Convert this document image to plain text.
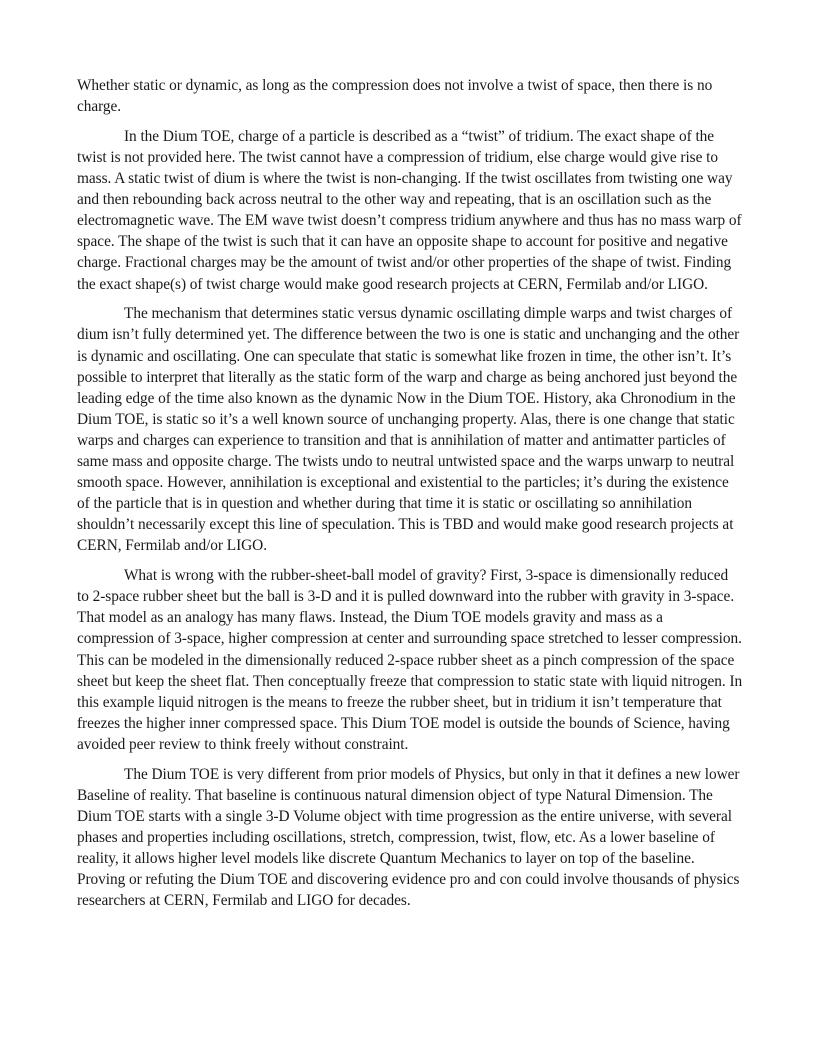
Whether static or dynamic, as long as the compression does not involve a twist of space, then there is no charge.

In the Dium TOE, charge of a particle is described as a “twist” of tridium. The exact shape of the twist is not provided here. The twist cannot have a compression of tridium, else charge would give rise to mass. A static twist of dium is where the twist is non-changing. If the twist oscillates from twisting one way and then rebounding back across neutral to the other way and repeating, that is an oscillation such as the electromagnetic wave. The EM wave twist doesn’t compress tridium anywhere and thus has no mass warp of space. The shape of the twist is such that it can have an opposite shape to account for positive and negative charge. Fractional charges may be the amount of twist and/or other properties of the shape of twist. Finding the exact shape(s) of twist charge would make good research projects at CERN, Fermilab and/or LIGO.

The mechanism that determines static versus dynamic oscillating dimple warps and twist charges of dium isn’t fully determined yet. The difference between the two is one is static and unchanging and the other is dynamic and oscillating. One can speculate that static is somewhat like frozen in time, the other isn’t. It’s possible to interpret that literally as the static form of the warp and charge as being anchored just beyond the leading edge of the time also known as the dynamic Now in the Dium TOE. History, aka Chronodium in the Dium TOE, is static so it’s a well known source of unchanging property. Alas, there is one change that static warps and charges can experience to transition and that is annihilation of matter and antimatter particles of same mass and opposite charge. The twists undo to neutral untwisted space and the warps unwarp to neutral smooth space. However, annihilation is exceptional and existential to the particles; it’s during the existence of the particle that is in question and whether during that time it is static or oscillating so annihilation shouldn’t necessarily except this line of speculation. This is TBD and would make good research projects at CERN, Fermilab and/or LIGO.

What is wrong with the rubber-sheet-ball model of gravity? First, 3-space is dimensionally reduced to 2-space rubber sheet but the ball is 3-D and it is pulled downward into the rubber with gravity in 3-space. That model as an analogy has many flaws. Instead, the Dium TOE models gravity and mass as a compression of 3-space, higher compression at center and surrounding space stretched to lesser compression. This can be modeled in the dimensionally reduced 2-space rubber sheet as a pinch compression of the space sheet but keep the sheet flat. Then conceptually freeze that compression to static state with liquid nitrogen. In this example liquid nitrogen is the means to freeze the rubber sheet, but in tridium it isn’t temperature that freezes the higher inner compressed space. This Dium TOE model is outside the bounds of Science, having avoided peer review to think freely without constraint.

The Dium TOE is very different from prior models of Physics, but only in that it defines a new lower Baseline of reality. That baseline is continuous natural dimension object of type Natural Dimension. The Dium TOE starts with a single 3-D Volume object with time progression as the entire universe, with several phases and properties including oscillations, stretch, compression, twist, flow, etc. As a lower baseline of reality, it allows higher level models like discrete Quantum Mechanics to layer on top of the baseline. Proving or refuting the Dium TOE and discovering evidence pro and con could involve thousands of physics researchers at CERN, Fermilab and LIGO for decades.
